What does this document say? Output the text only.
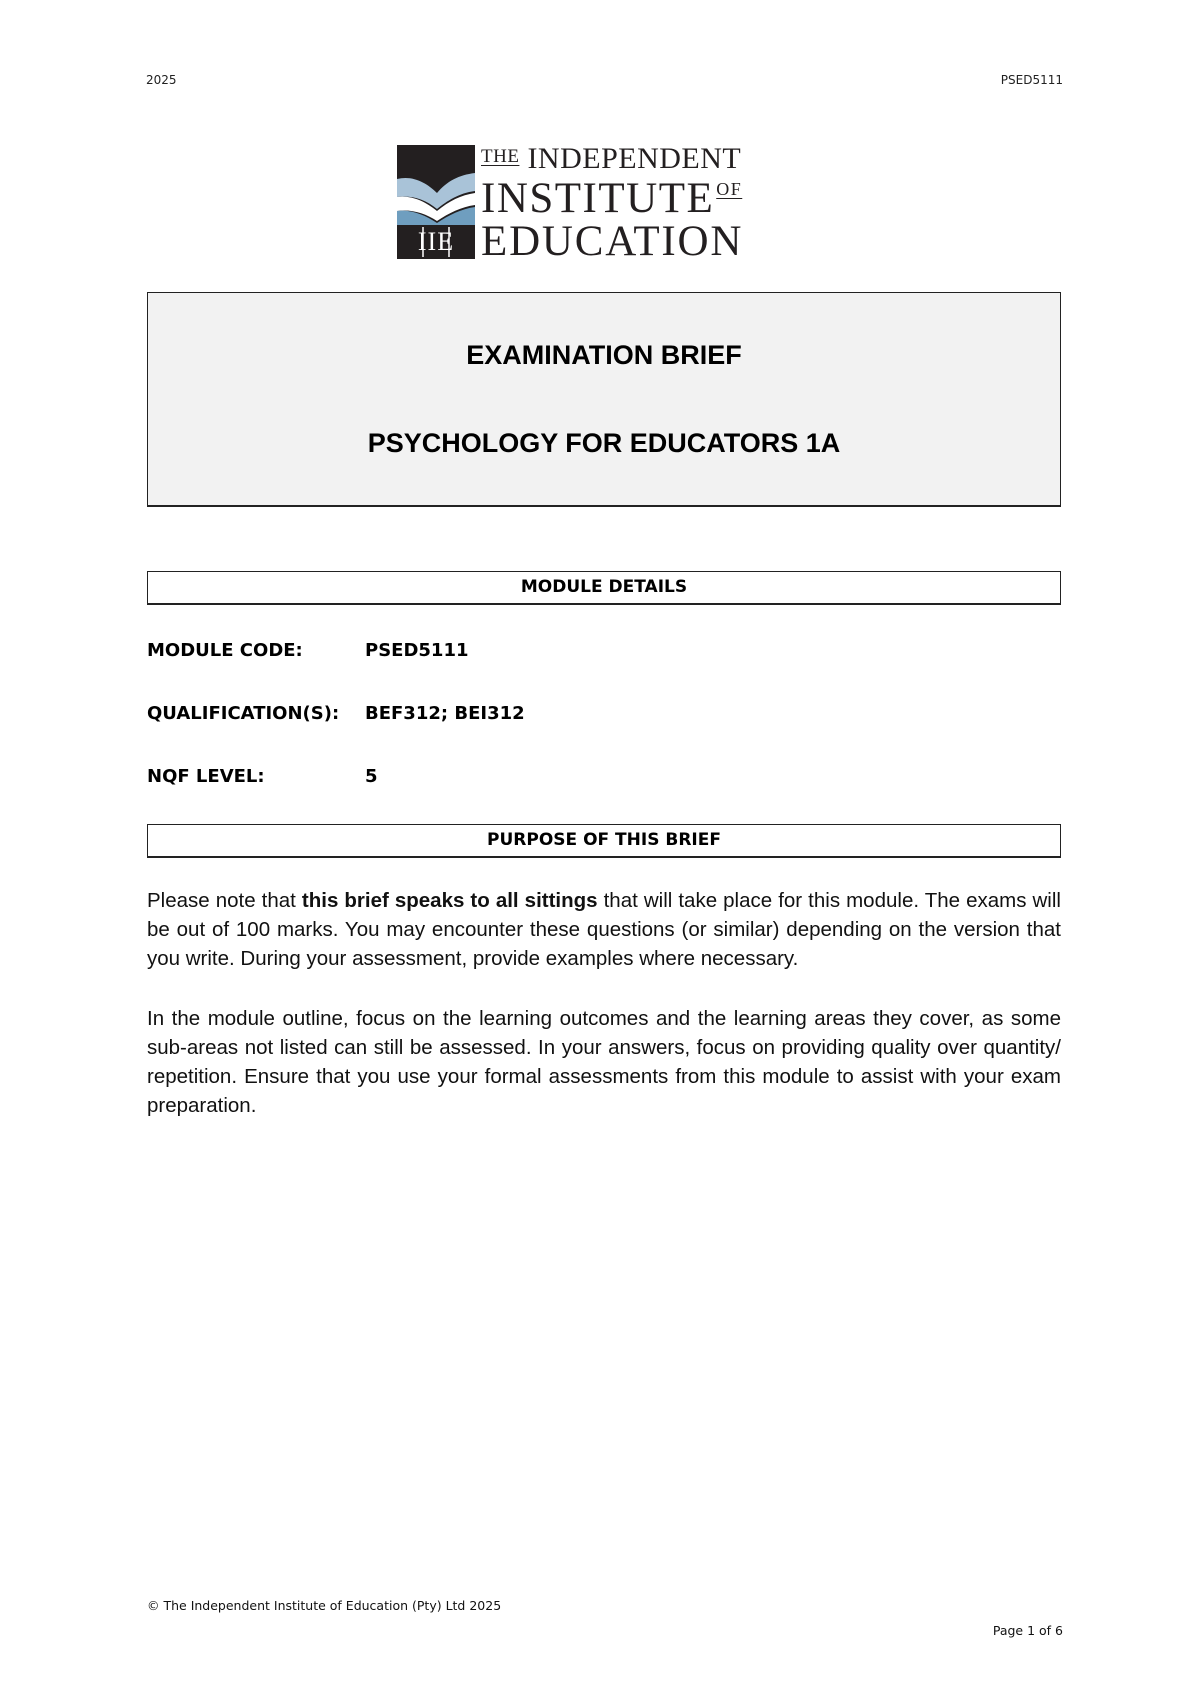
2025	PSED5111
IIE
$^{THE}$ INDEPENDENT
INSTITUTE $^{OF}$
EDUCATION
EXAMINATION BRIEF
PSYCHOLOGY FOR EDUCATORS 1A
MODULE DETAILS
MODULE CODE:	PSED5111
QUALIFICATION(S): BEF312; BEI312
NQF LEVEL:	5
PURPOSE OF THIS BRIEF

Please note that this brief speaks to all sittings that will take place for this module. The exams will be out of 100 marks. You may encounter these questions (or similar) depending on the version that you write. During your assessment, provide examples where necessary.

In the module outline, focus on the learning outcomes and the learning areas they cover, as some sub-areas not listed can still be assessed. In your answers, focus on providing quality over quantity/ repetition. Ensure that you use your formal assessments from this module to assist with your exam preparation.

© The Independent Institute of Education (Pty) Ltd 2025
Page 1 of 6
